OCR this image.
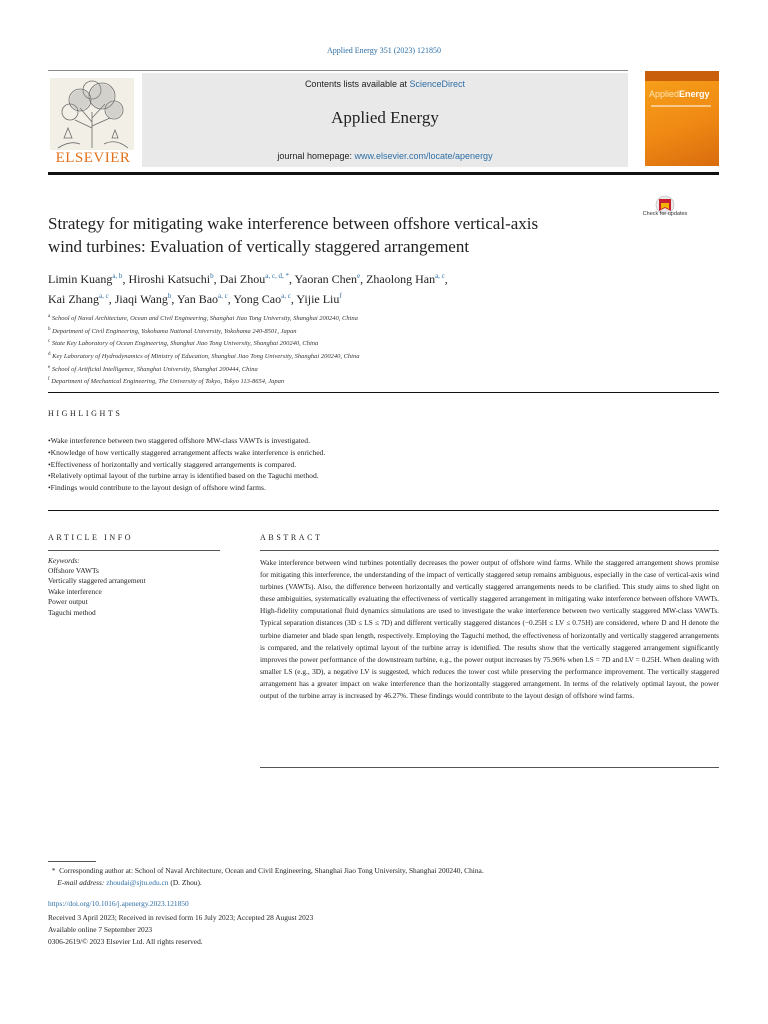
Applied Energy 351 (2023) 121850
ELSEVIER
Contents lists available at ScienceDirect
Applied Energy
journal homepage: www.elsevier.com/locate/apenergy
AppliedEnergy
Strategy for mitigating wake interference between offshore vertical-axis
wind turbines: Evaluation of vertically staggered arrangement
Check for updates
Limin Kuang$^{a, b}$, Hiroshi Katsuchi$^b$, Dai Zhou$^{a, c, d, *}$, Yaoran Chen$^e$, Zhaolong Han$^{a, c}$,
Kai Zhang$^{a, c}$, Jiaqi Wang$^b$, Yan Bao$^{a, c}$, Yong Cao$^{a, c}$, Yijie Liu$^f$
$^a$ School of Naval Architecture, Ocean and Civil Engineering, Shanghai Jiao Tong University, Shanghai 200240, China
$^b$ Department of Civil Engineering, Yokohama National University, Yokohama 240-8501, Japan
$^c$ State Key Laboratory of Ocean Engineering, Shanghai Jiao Tong University, Shanghai 200240, China
$^d$ Key Laboratory of Hydrodynamics of Ministry of Education, Shanghai Jiao Tong University, Shanghai 200240, China
$^e$ School of Artificial Intelligence, Shanghai University, Shanghai 200444, China
$^f$ Department of Mechanical Engineering, The University of Tokyo, Tokyo 113-8654, Japan
HIGHLIGHTS
• Wake interference between two staggered offshore MW-class VAWTs is investigated.
• Knowledge of how vertically staggered arrangement affects wake interference is enriched.
• Effectiveness of horizontally and vertically staggered arrangements is compared.
• Relatively optimal layout of the turbine array is identified based on the Taguchi method.
• Findings would contribute to the layout design of offshore wind farms.
ARTICLE INFO	ABSTRACT
Keywords:
Offshore VAWTs
Vertically staggered arrangement
Wake interference
Power output
Taguchi method

Wake interference between wind turbines potentially decreases the power output of offshore wind farms. While the staggered arrangement shows promise for mitigating this interference, the understanding of the impact of vertically staggered setup remains ambiguous, especially in the case of vertical-axis wind turbines (VAWTs). Also, the difference between horizontally and vertically staggered arrangements needs to be clarified. This study aims to shed light on these ambiguities, systematically evaluating the effectiveness of vertically staggered arrangement in mitigating wake interference between offshore VAWTs. High-fidelity computational fluid dynamics simulations are used to investigate the wake interference between two vertically staggered MW-class VAWTs. Typical separation distances (3D ≤ LS ≤ 7D) and different vertically staggered distances (−0.25H ≤ LV ≤ 0.75H) are considered, where D and H denote the turbine diameter and blade span length, respectively. Employing the Taguchi method, the effectiveness of horizontally and vertically staggered arrangements is compared, and the relatively optimal layout of the turbine array is identified. The results show that the vertically staggered arrangement significantly improves the power performance of the downstream turbine, e.g., the power output increases by 75.96% when LS = 7D and LV = 0.25H. When dealing with smaller LS (e.g., 3D), a negative LV is suggested, which reduces the tower cost while preserving the performance improvement. The vertically staggered arrangement has a greater impact on wake interference than the horizontally staggered arrangement. In terms of the relatively optimal layout, the power output of the turbine array is increased by 46.27%. These findings would contribute to the layout design of offshore wind farms.

* Corresponding author at: School of Naval Architecture, Ocean and Civil Engineering, Shanghai Jiao Tong University, Shanghai 200240, China.
E-mail address: zhoudai@sjtu.edu.cn (D. Zhou).
https://doi.org/10.1016/j.apenergy.2023.121850
Received 3 April 2023; Received in revised form 16 July 2023; Accepted 28 August 2023
Available online 7 September 2023
0306-2619/© 2023 Elsevier Ltd. All rights reserved.
